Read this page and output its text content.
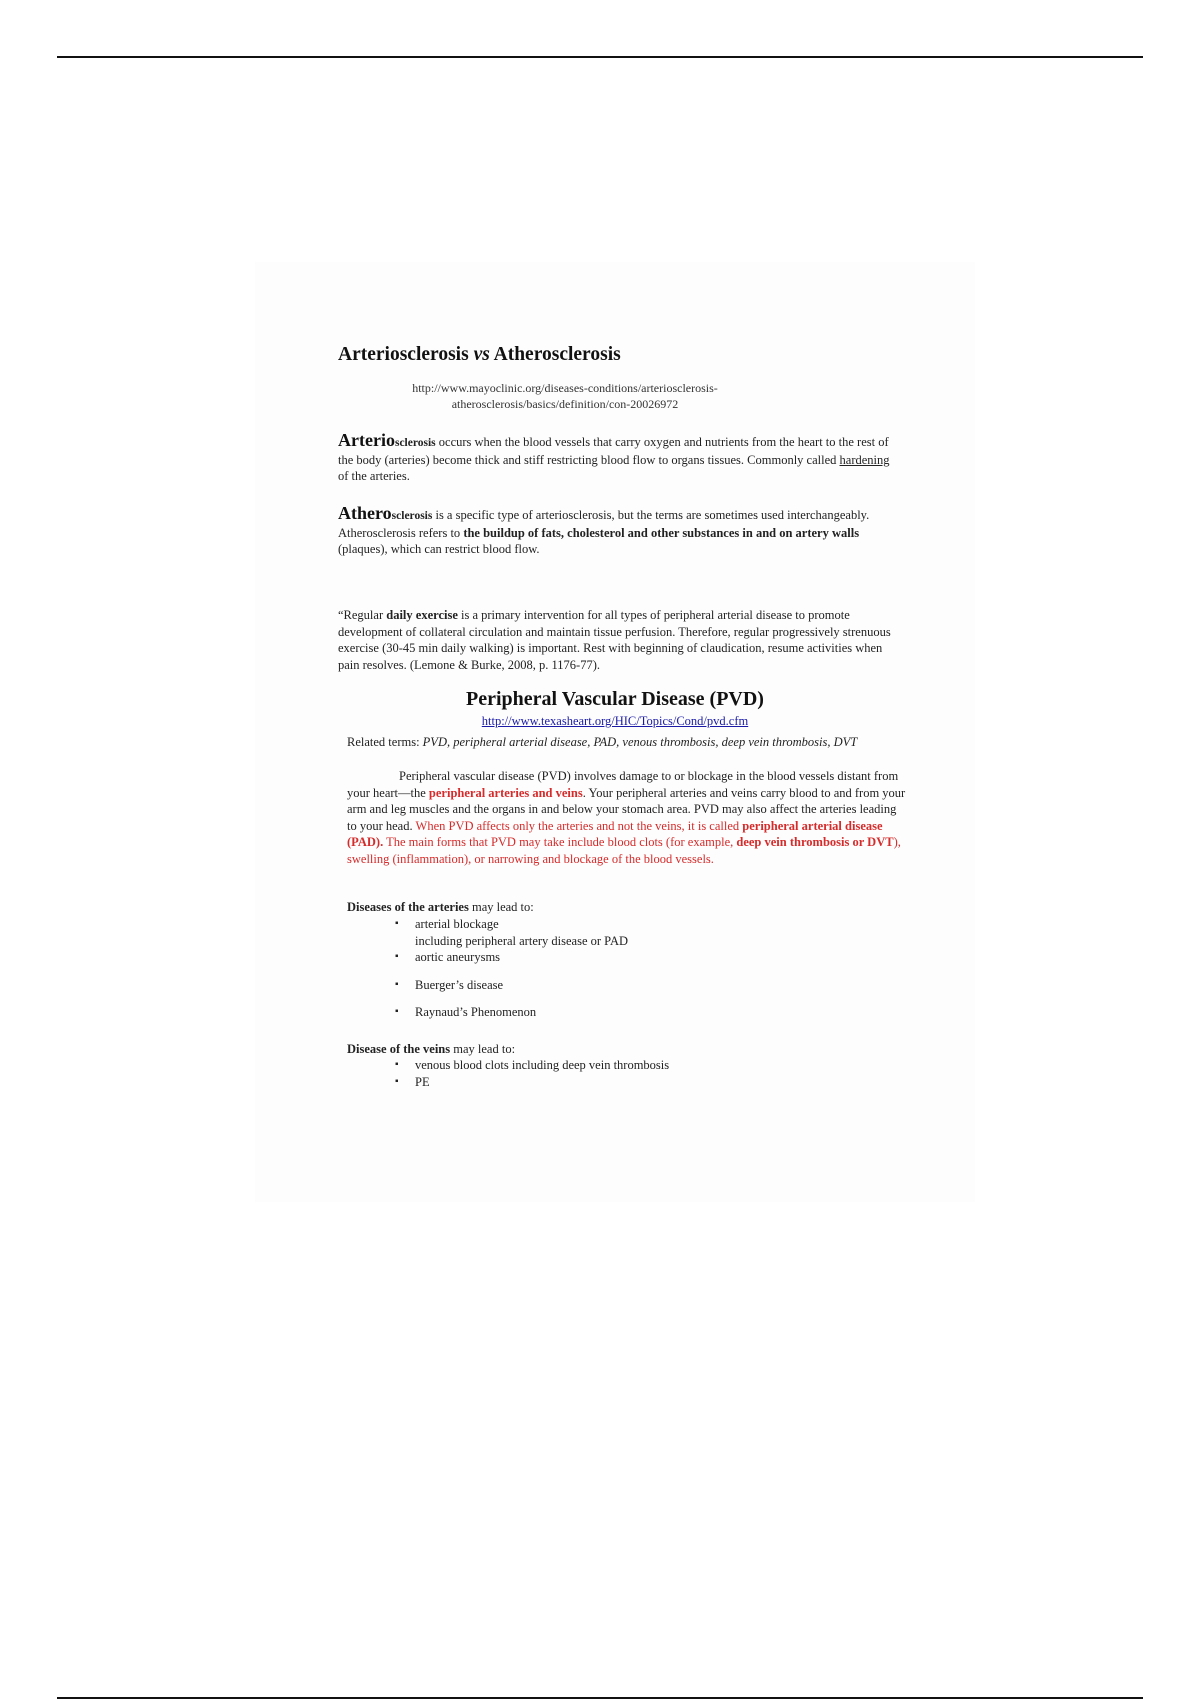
Arteriosclerosis vs Atherosclerosis
http://www.mayoclinic.org/diseases-conditions/arteriosclerosis-atherosclerosis/basics/definition/con-20026972
Arteriosclerosis occurs when the blood vessels that carry oxygen and nutrients from the heart to the rest of the body (arteries) become thick and stiff restricting blood flow to organs tissues. Commonly called hardening of the arteries.
Atherosclerosis is a specific type of arteriosclerosis, but the terms are sometimes used interchangeably. Atherosclerosis refers to the buildup of fats, cholesterol and other substances in and on artery walls (plaques), which can restrict blood flow.
“Regular daily exercise is a primary intervention for all types of peripheral arterial disease to promote development of collateral circulation and maintain tissue perfusion. Therefore, regular progressively strenuous exercise (30-45 min daily walking) is important. Rest with beginning of claudication, resume activities when pain resolves. (Lemone & Burke, 2008, p. 1176-77).
Peripheral Vascular Disease (PVD)
http://www.texasheart.org/HIC/Topics/Cond/pvd.cfm
Related terms: PVD, peripheral arterial disease, PAD, venous thrombosis, deep vein thrombosis, DVT
Peripheral vascular disease (PVD) involves damage to or blockage in the blood vessels distant from your heart—the peripheral arteries and veins. Your peripheral arteries and veins carry blood to and from your arm and leg muscles and the organs in and below your stomach area. PVD may also affect the arteries leading to your head. When PVD affects only the arteries and not the veins, it is called peripheral arterial disease (PAD). The main forms that PVD may take include blood clots (for example, deep vein thrombosis or DVT), swelling (inflammation), or narrowing and blockage of the blood vessels.
Diseases of the arteries may lead to:
▪ arterial blockage
including peripheral artery disease or PAD
▪ aortic aneurysms
▪ Buerger’s disease
▪ Raynaud’s Phenomenon
Disease of the veins may lead to:
▪ venous blood clots including deep vein thrombosis
▪ PE
